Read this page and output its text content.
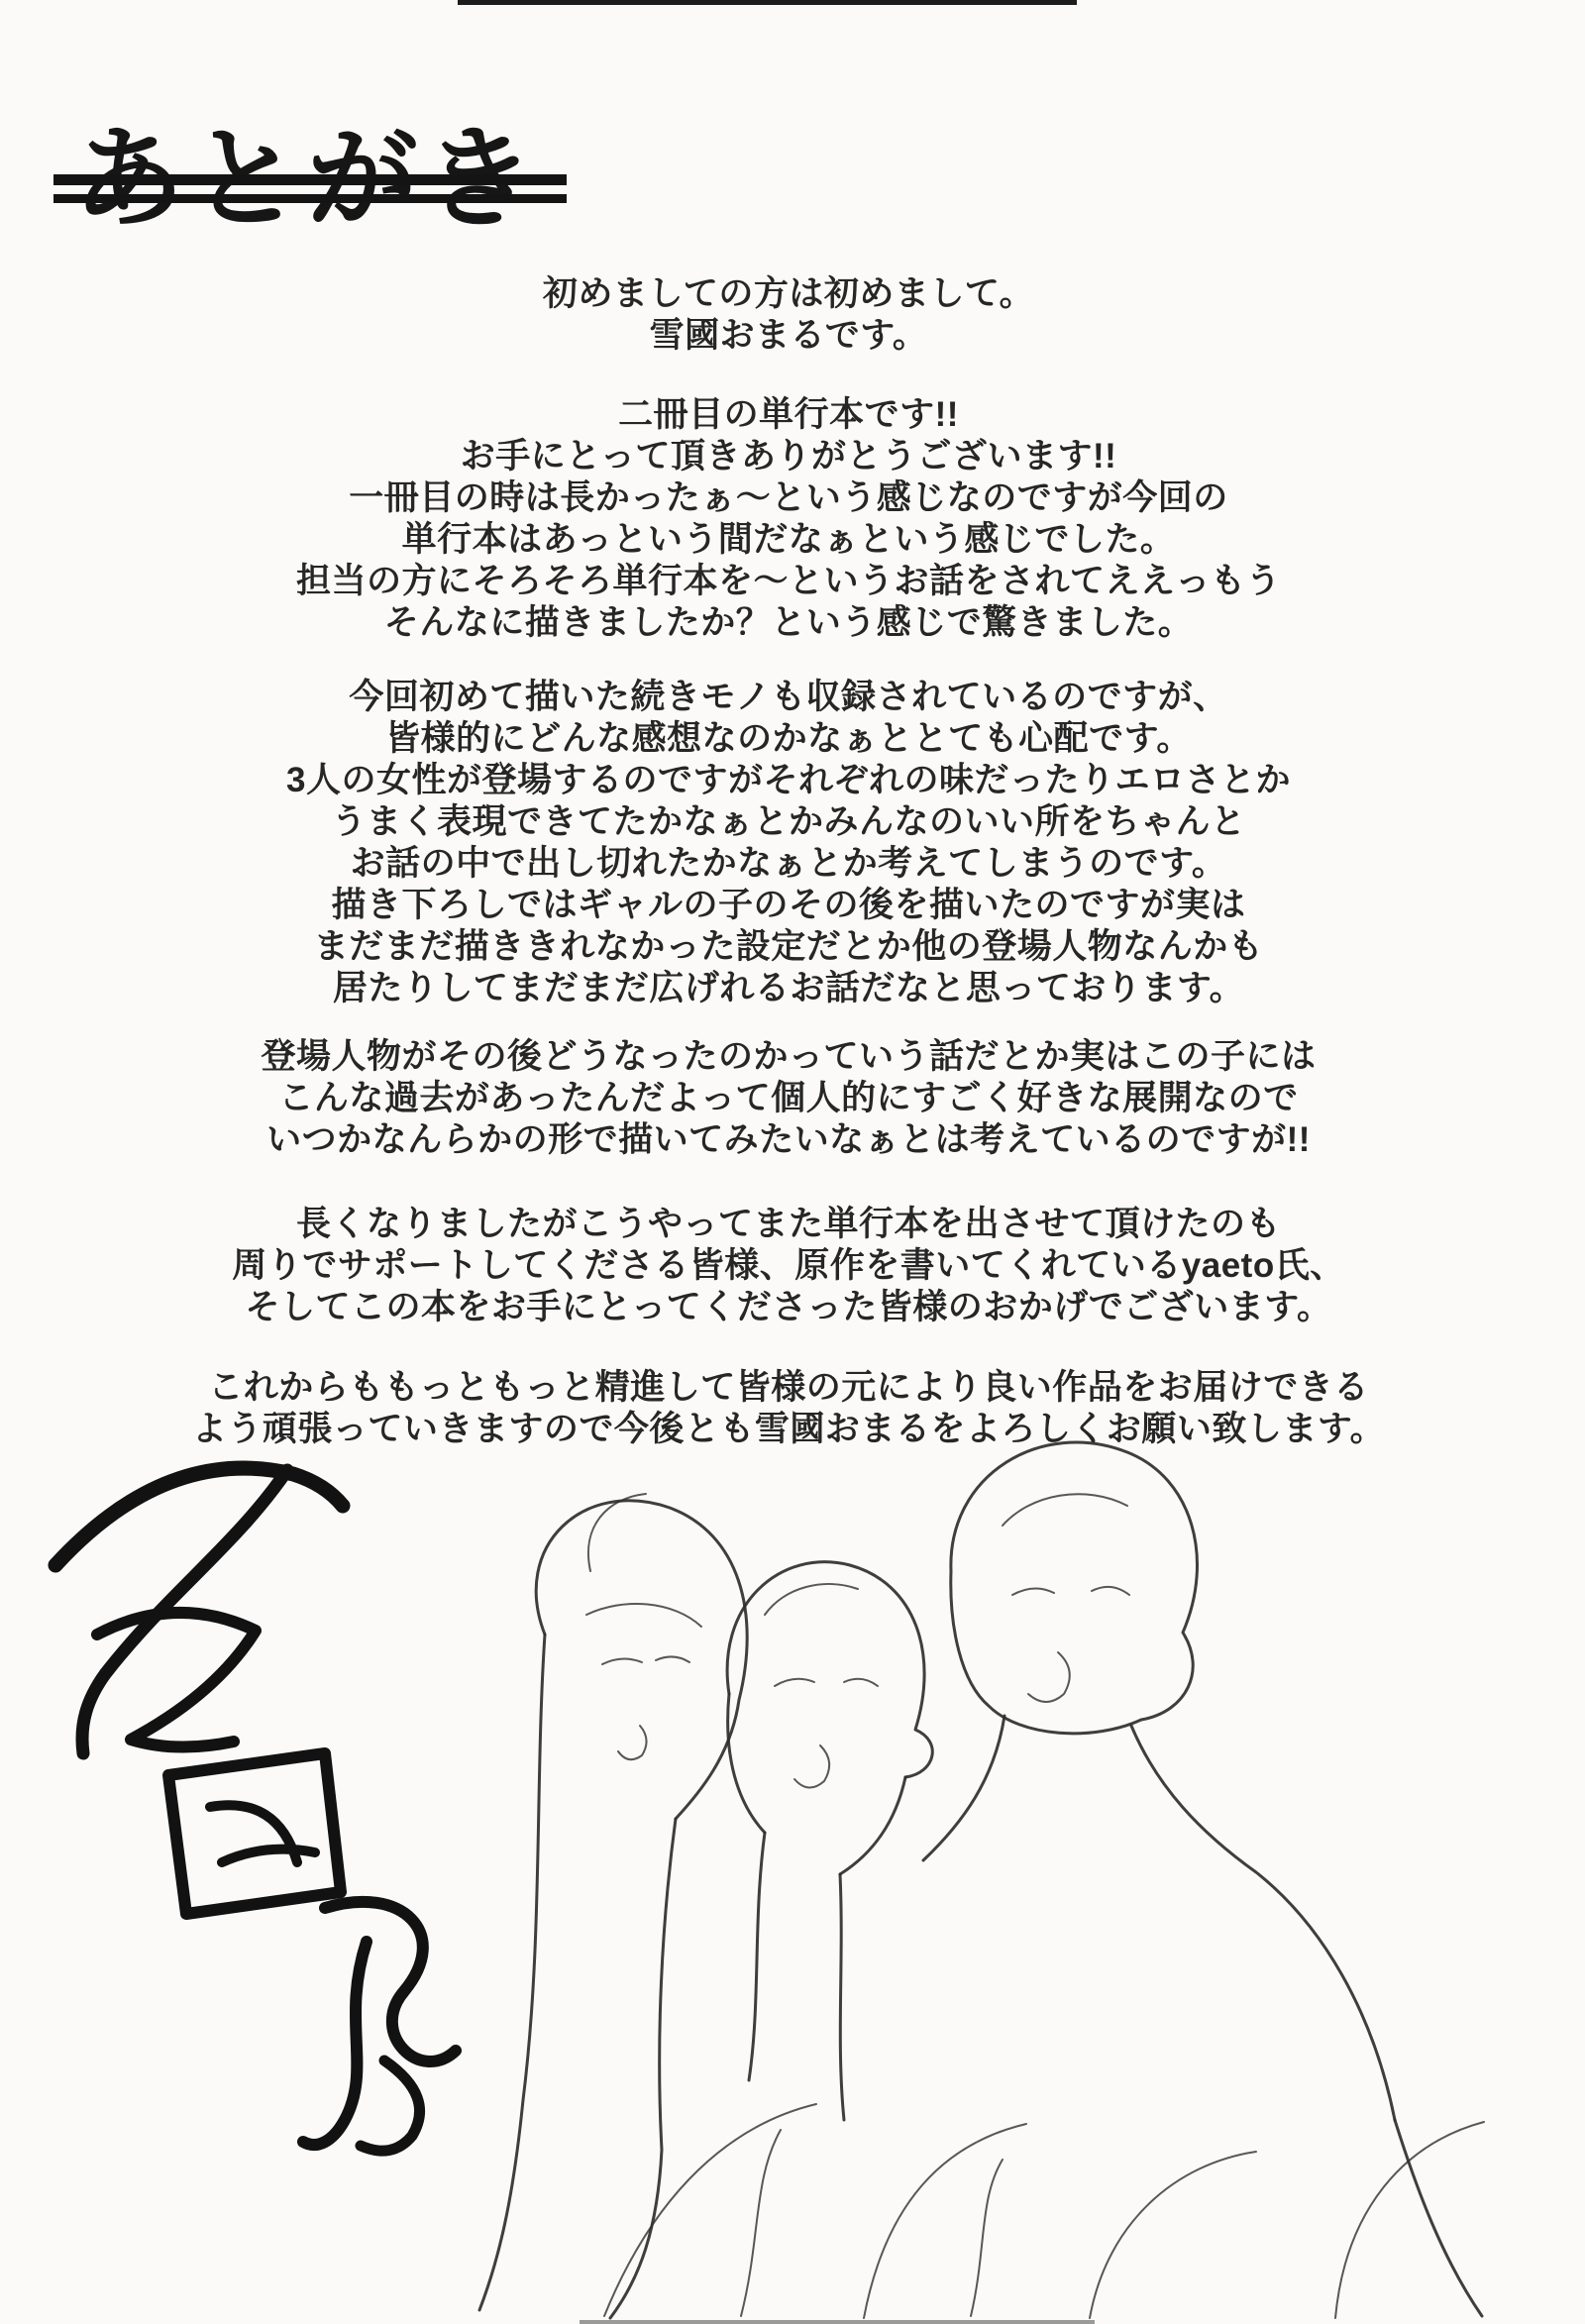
あとがき
初めましての方は初めまして。
雪國おまるです。
二冊目の単行本です!!
お手にとって頂きありがとうございます!!
一冊目の時は長かったぁ〜という感じなのですが今回の
単行本はあっという間だなぁという感じでした。
担当の方にそろそろ単行本を〜というお話をされてええっもう
そんなに描きましたか？という感じで驚きました。
今回初めて描いた続きモノも収録されているのですが、
皆様的にどんな感想なのかなぁととても心配です。
3人の女性が登場するのですがそれぞれの味だったりエロさとか
うまく表現できてたかなぁとかみんなのいい所をちゃんと
お話の中で出し切れたかなぁとか考えてしまうのです。
描き下ろしではギャルの子のその後を描いたのですが実は
まだまだ描ききれなかった設定だとか他の登場人物なんかも
居たりしてまだまだ広げれるお話だなと思っております。
登場人物がその後どうなったのかっていう話だとか実はこの子には
こんな過去があったんだよって個人的にすごく好きな展開なので
いつかなんらかの形で描いてみたいなぁとは考えているのですが!!
長くなりましたがこうやってまた単行本を出させて頂けたのも
周りでサポートしてくださる皆様、原作を書いてくれているyaeto氏、
そしてこの本をお手にとってくださった皆様のおかげでございます。
これからももっともっと精進して皆様の元により良い作品をお届けできる
よう頑張っていきますので今後とも雪國おまるをよろしくお願い致します。
